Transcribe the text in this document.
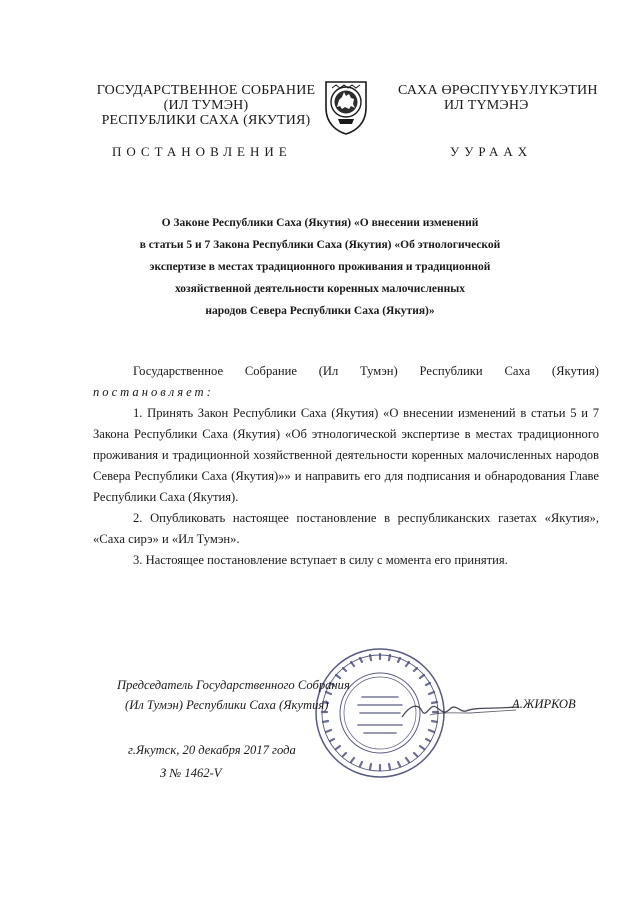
ГОСУДАРСТВЕННОЕ СОБРАНИЕ
(ИЛ ТУМЭН)
РЕСПУБЛИКИ САХА (ЯКУТИЯ)
САХА ӨРӨСПҮҮБҮЛҮКЭТИН
ИЛ ТҮМЭНЭ
ПОСТАНОВЛЕНИЕ	УУРААХ
О Законе Республики Саха (Якутия) «О внесении изменений
в статьи 5 и 7 Закона Республики Саха (Якутия) «Об этнологической
экспертизе в местах традиционного проживания и традиционной
хозяйственной деятельности коренных малочисленных
народов Севера Республики Саха (Якутия)»

Государственное Собрание (Ил Тумэн) Республики Саха (Якутия)

постановляет:

1. Принять Закон Республики Саха (Якутия) «О внесении изменений в статьи 5 и 7 Закона Республики Саха (Якутия) «Об этнологической экспертизе в местах традиционного проживания и традиционной хозяйственной деятельности коренных малочисленных народов Севера Республики Саха (Якутия)»» и направить его для подписания и обнародования Главе Республики Саха (Якутия).

2. Опубликовать настоящее постановление в республиканских газетах «Якутия», «Саха сирэ» и «Ил Тумэн».

3. Настоящее постановление вступает в силу с момента его принятия.

Председатель Государственного Собрания
(Ил Тумэн) Республики Саха (Якутия)	А.ЖИРКОВ
г.Якутск, 20 декабря 2017 года
З № 1462-V
